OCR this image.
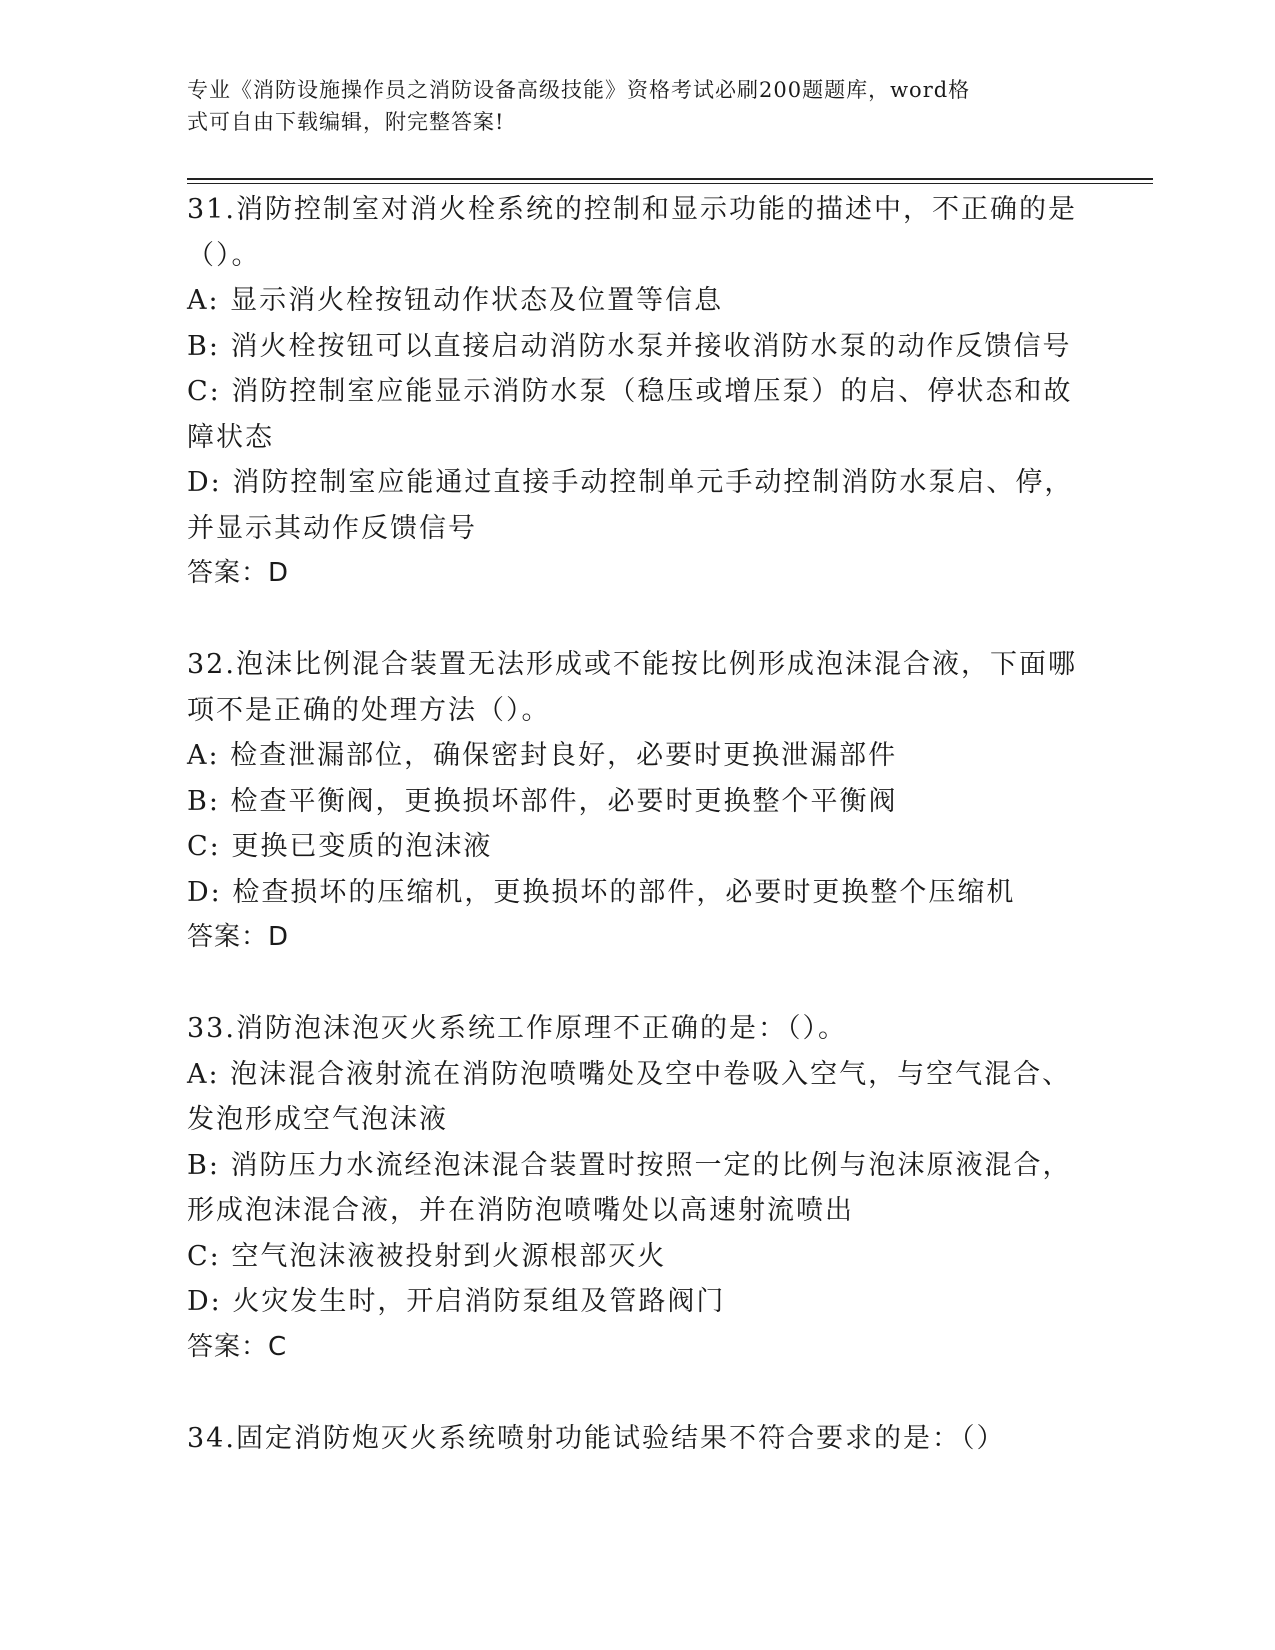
专业《消防设施操作员之消防设备高级技能》资格考试必刷200题题库，word格
式可自由下载编辑，附完整答案!
31.消防控制室对消火栓系统的控制和显示功能的描述中，不正确的是（）。
A: 显示消火栓按钮动作状态及位置等信息
B: 消火栓按钮可以直接启动消防水泵并接收消防水泵的动作反馈信号
C: 消防控制室应能显示消防水泵（稳压或增压泵）的启、停状态和故障状态
D: 消防控制室应能通过直接手动控制单元手动控制消防水泵启、停，并显示其动作反馈信号
答案：D
32.泡沫比例混合装置无法形成或不能按比例形成泡沫混合液，下面哪项不是正确的处理方法（）。
A: 检查泄漏部位，确保密封良好，必要时更换泄漏部件
B: 检查平衡阀，更换损坏部件，必要时更换整个平衡阀
C: 更换已变质的泡沫液
D: 检查损坏的压缩机，更换损坏的部件，必要时更换整个压缩机
答案：D
33.消防泡沫泡灭火系统工作原理不正确的是：（）。
A: 泡沫混合液射流在消防泡喷嘴处及空中卷吸入空气，与空气混合、发泡形成空气泡沫液
B: 消防压力水流经泡沫混合装置时按照一定的比例与泡沫原液混合，形成泡沫混合液，并在消防泡喷嘴处以高速射流喷出
C: 空气泡沫液被投射到火源根部灭火
D: 火灾发生时，开启消防泵组及管路阀门
答案：C
34.固定消防炮灭火系统喷射功能试验结果不符合要求的是：（）
